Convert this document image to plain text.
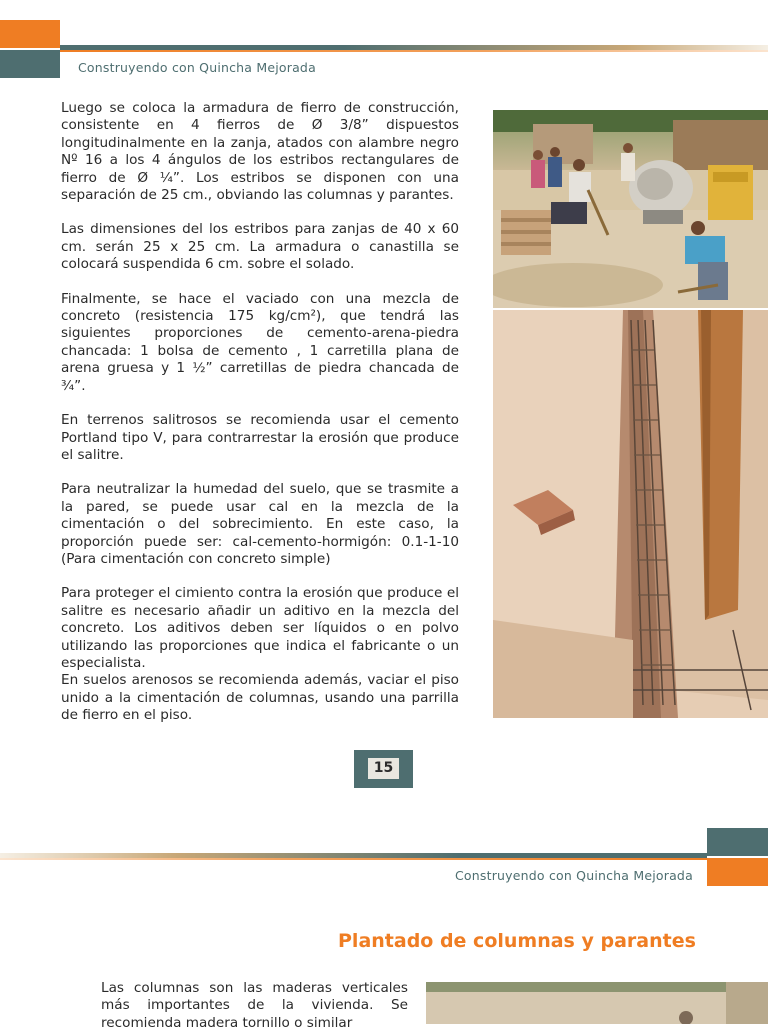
Construyendo con Quincha Mejorada

Luego se coloca la armadura de fierro de construcción, consistente en 4 fierros de Ø 3/8” dispuestos longitudinalmente en la zanja, atados con alambre negro Nº 16 a los 4 ángulos de los estribos rectangulares de fierro de Ø ¼”. Los estribos se disponen con una separación de 25 cm., obviando las columnas y parantes.

Las dimensiones del los estribos para zanjas de 40 x 60 cm. serán 25 x 25 cm. La armadura o canastilla se colocará suspendida 6 cm. sobre el solado.

Finalmente, se hace el vaciado con una mezcla de concreto (resistencia 175 kg/cm²), que tendrá las siguientes proporciones de cemento-arena-piedra chancada: 1 bolsa de cemento , 1 carretilla plana de arena gruesa y 1 ½” carretillas de piedra chancada de ¾”.

En terrenos salitrosos se recomienda usar el cemento Portland tipo V, para contrarrestar la erosión que produce el salitre.

Para neutralizar la humedad del suelo, que se trasmite a la pared, se puede usar cal en la mezcla de la cimentación o del sobrecimiento. En este caso, la proporción puede ser: cal-cemento-hormigón: 0.1-1-10 (Para cimentación con concreto simple)

Para proteger el cimiento contra la erosión que produce el salitre es necesario añadir un aditivo en la mezcla del concreto. Los aditivos deben ser líquidos o en polvo utilizando las proporciones que indica el fabricante o un especialista.

En suelos arenosos se recomienda además, vaciar el piso unido a la cimentación de columnas, usando una parrilla de fierro en el piso.

15
Construyendo con Quincha Mejorada
Plantado de columnas y parantes

Las columnas son las maderas verticales más importantes de la vivienda. Se recomienda madera tornillo o similar
